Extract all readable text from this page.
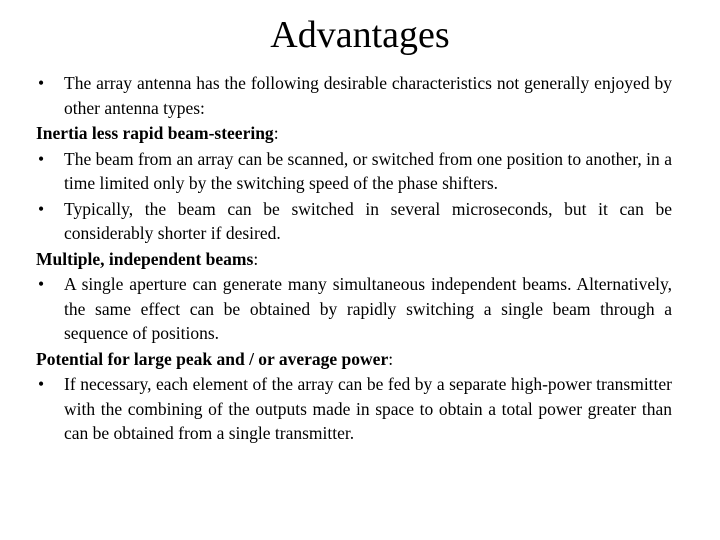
Advantages
• The array antenna has the following desirable characteristics not generally enjoyed by other antenna types:
Inertia less rapid beam-steering:
• The beam from an array can be scanned, or switched from one position to another, in a time limited only by the switching speed of the phase shifters.
• Typically, the beam can be switched in several microseconds, but it can be considerably shorter if desired.
Multiple, independent beams:
• A single aperture can generate many simultaneous independent beams. Alternatively, the same effect can be obtained by rapidly switching a single beam through a sequence of positions.
Potential for large peak and / or average power:
• If necessary, each element of the array can be fed by a separate high-power transmitter with the combining of the outputs made in space to obtain a total power greater than can be obtained from a single transmitter.
